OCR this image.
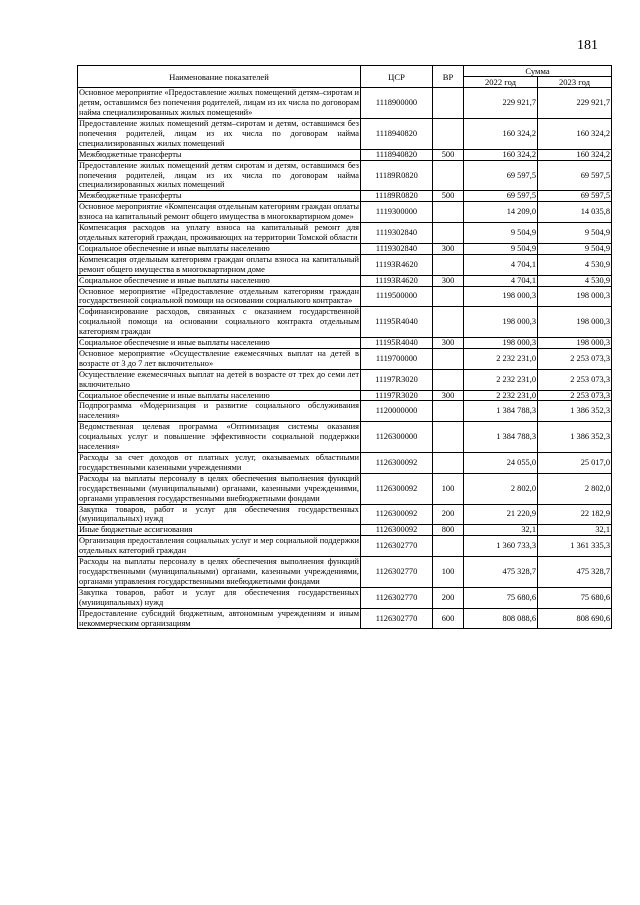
181
Наименование показателей	ЦСР	ВР	Сумма	
			2022 год	2023 год
Основное мероприятие «Предоставление жилых помещений детям–сиротам и детям, оставшимся без попечения родителей, лицам из их числа по договорам найма специализированных жилых помещений»	1118900000		229 921,7	229 921,7
Предоставление жилых помещений детям–сиротам и детям, оставшимся без попечения родителей, лицам из их числа по договорам найма специализированных жилых помещений	1118940820		160 324,2	160 324,2
Межбюджетные трансферты	1118940820	500	160 324,2	160 324,2
Предоставление жилых помещений детям сиротам и детям, оставшимся без попечения родителей, лицам из их числа по договорам найма специализированных жилых помещений	11189R0820		69 597,5	69 597,5
Межбюджетные трансферты	11189R0820	500	69 597,5	69 597,5
Основное мероприятие «Компенсация отдельным категориям граждан оплаты взноса на капитальный ремонт общего имущества в многоквартирном доме»	1119300000		14 209,0	14 035,8
Компенсация расходов на уплату взноса на капитальный ремонт для отдельных категорий граждан, проживающих на территории Томской области	1119302840		9 504,9	9 504,9
Социальное обеспечение и иные выплаты населению	1119302840	300	9 504,9	9 504,9
Компенсация отдельным категориям граждан оплаты взноса на капитальный ремонт общего имущества в многоквартирном доме	11193R4620		4 704,1	4 530,9
Социальное обеспечение и иные выплаты населению	11193R4620	300	4 704,1	4 530,9
Основное мероприятие «Предоставление отдельным категориям граждан государственной социальной помощи на основании социального контракта»	1119500000		198 000,3	198 000,3
Софинансирование расходов, связанных с оказанием государственной социальной помощи на основании социального контракта отдельным категориям граждан	11195R4040		198 000,3	198 000,3
Социальное обеспечение и иные выплаты населению	11195R4040	300	198 000,3	198 000,3
Основное мероприятие «Осуществление ежемесячных выплат на детей в возрасте от 3 до 7 лет включительно»	1119700000		2 232 231,0	2 253 073,3
Осуществление ежемесячных выплат на детей в возрасте от трех до семи лет включительно	11197R3020		2 232 231,0	2 253 073,3
Социальное обеспечение и иные выплаты населению	11197R3020	300	2 232 231,0	2 253 073,3
Подпрограмма «Модернизация и развитие социального обслуживания населения»	1120000000		1 384 788,3	1 386 352,3
Ведомственная целевая программа «Оптимизация системы оказания социальных услуг и повышение эффективности социальной поддержки населения»	1126300000		1 384 788,3	1 386 352,3
Расходы за счет доходов от платных услуг, оказываемых областными государственными казенными учреждениями	1126300092		24 055,0	25 017,0
Расходы на выплаты персоналу в целях обеспечения выполнения функций государственными (муниципальными) органами, казенными учреждениями, органами управления государственными внебюджетными фондами	1126300092	100	2 802,0	2 802,0
Закупка товаров, работ и услуг для обеспечения государственных (муниципальных) нужд	1126300092	200	21 220,9	22 182,9
Иные бюджетные ассигнования	1126300092	800	32,1	32,1
Организация предоставления социальных услуг и мер социальной поддержки отдельных категорий граждан	1126302770		1 360 733,3	1 361 335,3
Расходы на выплаты персоналу в целях обеспечения выполнения функций государственными (муниципальными) органами, казенными учреждениями, органами управления государственными внебюджетными фондами	1126302770	100	475 328,7	475 328,7
Закупка товаров, работ и услуг для обеспечения государственных (муниципальных) нужд	1126302770	200	75 680,6	75 680,6
Предоставление субсидий бюджетным, автономным учреждениям и иным некоммерческим организациям	1126302770	600	808 088,6	808 690,6
